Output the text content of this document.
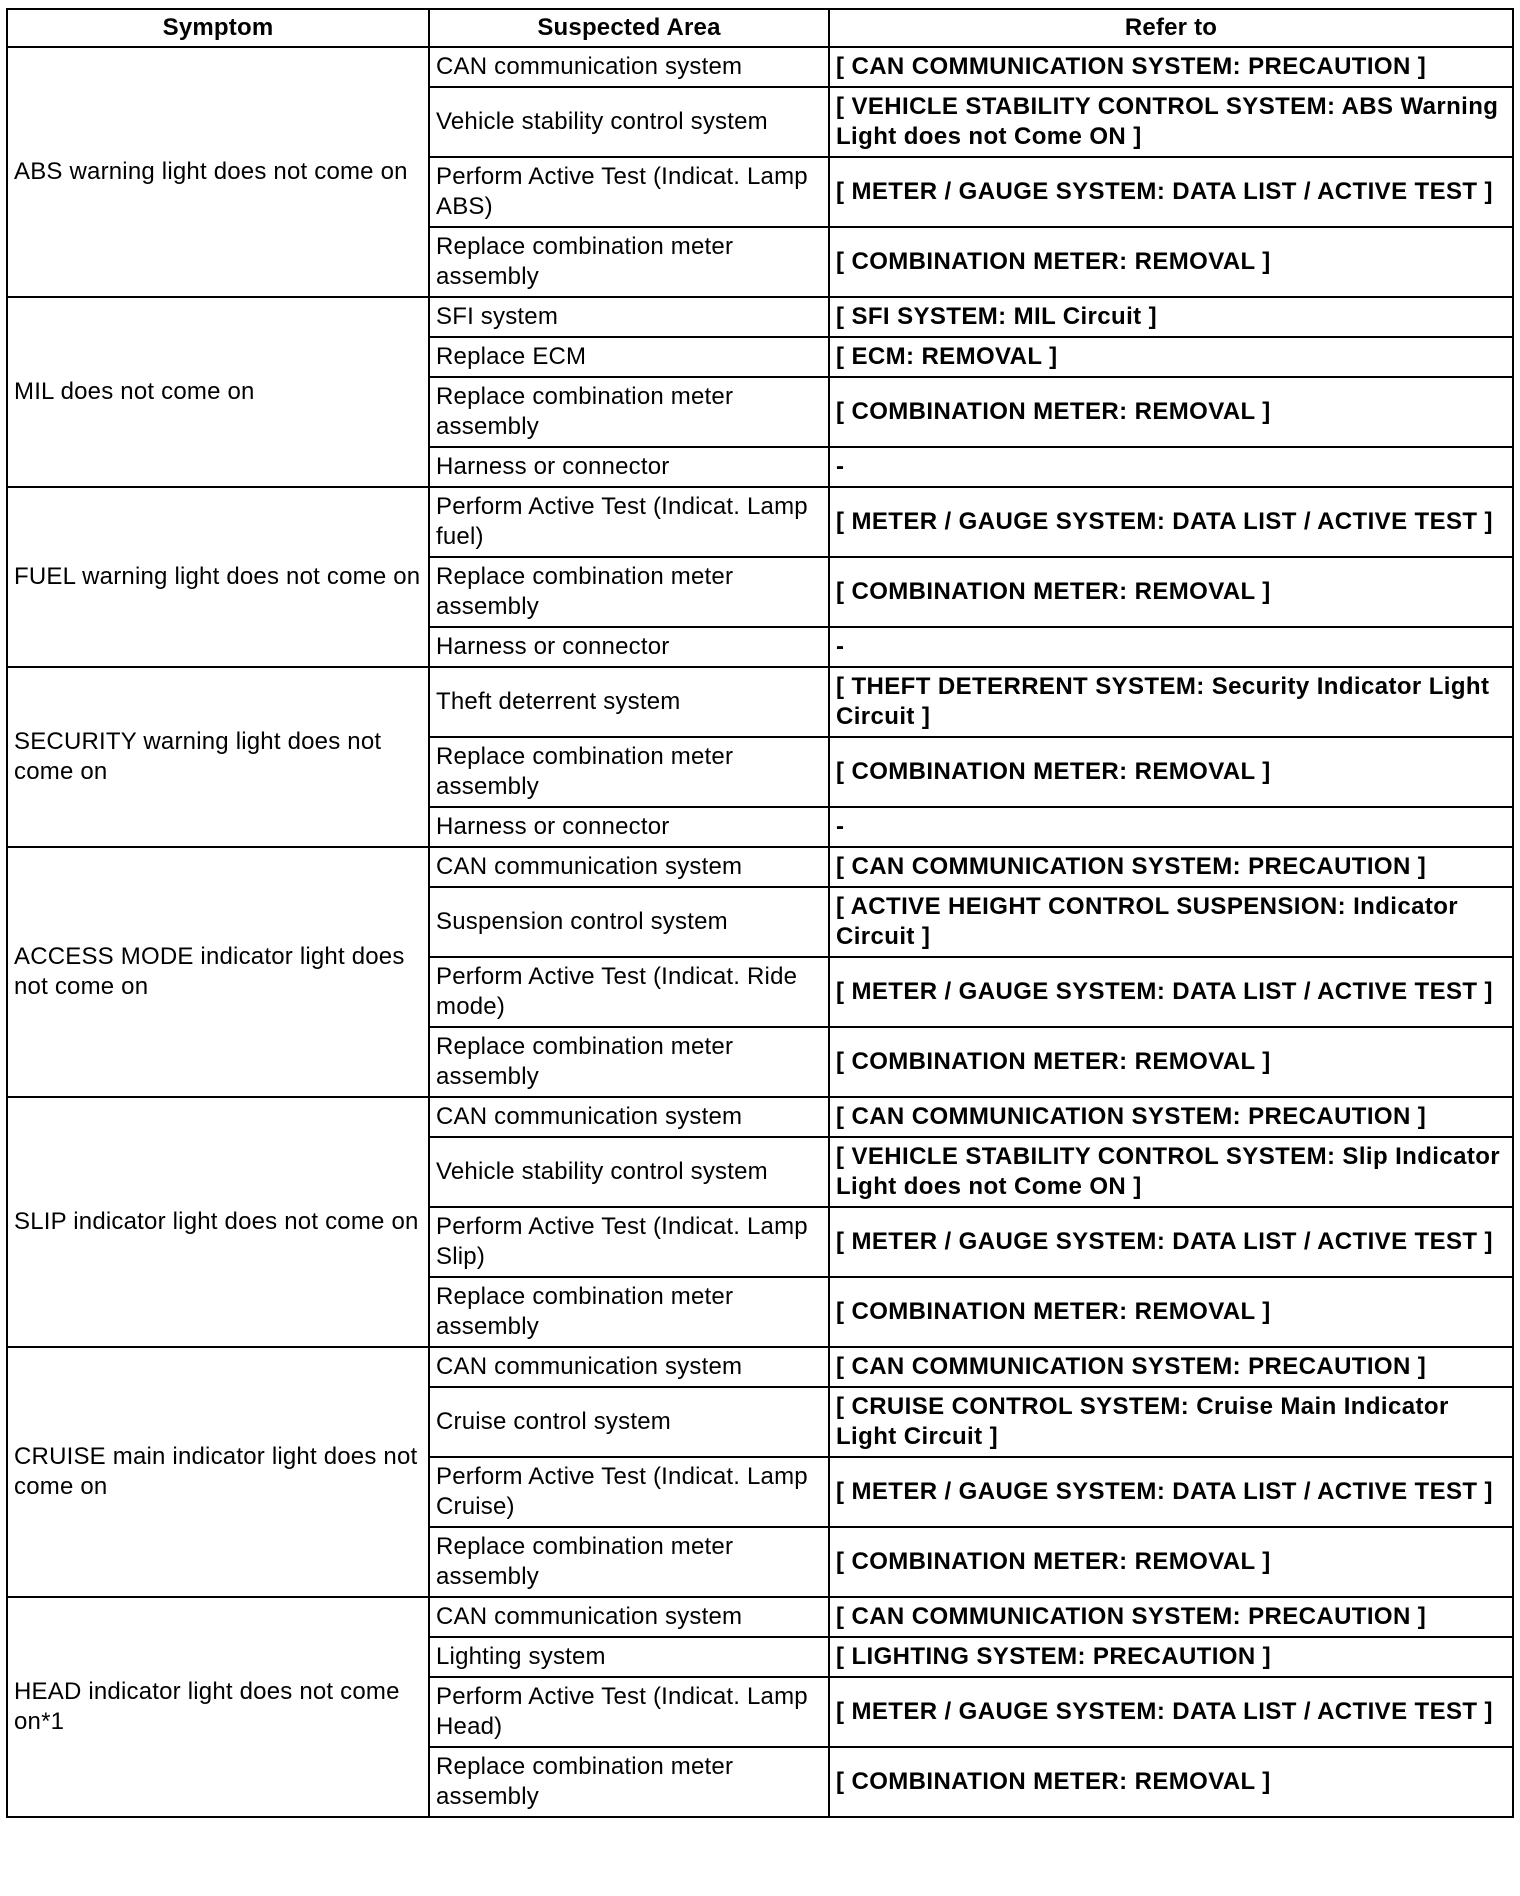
Symptom	Suspected Area	Refer to
ABS warning light does not come on	CAN communication system	[ CAN COMMUNICATION SYSTEM: PRECAUTION ]
	Vehicle stability control system	[ VEHICLE STABILITY CONTROL SYSTEM: ABS Warning Light does not Come ON ]
	Perform Active Test (Indicat. Lamp ABS)	[ METER / GAUGE SYSTEM: DATA LIST / ACTIVE TEST ]
	Replace combination meter assembly	[ COMBINATION METER: REMOVAL ]
MIL does not come on	SFI system	[ SFI SYSTEM: MIL Circuit ]
	Replace ECM	[ ECM: REMOVAL ]
	Replace combination meter assembly	[ COMBINATION METER: REMOVAL ]
	Harness or connector	-
FUEL warning light does not come on	Perform Active Test (Indicat. Lamp fuel)	[ METER / GAUGE SYSTEM: DATA LIST / ACTIVE TEST ]
	Replace combination meter assembly	[ COMBINATION METER: REMOVAL ]
	Harness or connector	-
SECURITY warning light does not come on	Theft deterrent system	[ THEFT DETERRENT SYSTEM: Security Indicator Light Circuit ]
	Replace combination meter assembly	[ COMBINATION METER: REMOVAL ]
	Harness or connector	-
ACCESS MODE indicator light does not come on	CAN communication system	[ CAN COMMUNICATION SYSTEM: PRECAUTION ]
	Suspension control system	[ ACTIVE HEIGHT CONTROL SUSPENSION: Indicator Circuit ]
	Perform Active Test (Indicat. Ride mode)	[ METER / GAUGE SYSTEM: DATA LIST / ACTIVE TEST ]
	Replace combination meter assembly	[ COMBINATION METER: REMOVAL ]
SLIP indicator light does not come on	CAN communication system	[ CAN COMMUNICATION SYSTEM: PRECAUTION ]
	Vehicle stability control system	[ VEHICLE STABILITY CONTROL SYSTEM: Slip Indicator Light does not Come ON ]
	Perform Active Test (Indicat. Lamp Slip)	[ METER / GAUGE SYSTEM: DATA LIST / ACTIVE TEST ]
	Replace combination meter assembly	[ COMBINATION METER: REMOVAL ]
CRUISE main indicator light does not come on	CAN communication system	[ CAN COMMUNICATION SYSTEM: PRECAUTION ]
	Cruise control system	[ CRUISE CONTROL SYSTEM: Cruise Main Indicator Light Circuit ]
	Perform Active Test (Indicat. Lamp Cruise)	[ METER / GAUGE SYSTEM: DATA LIST / ACTIVE TEST ]
	Replace combination meter assembly	[ COMBINATION METER: REMOVAL ]
HEAD indicator light does not come on*1	CAN communication system	[ CAN COMMUNICATION SYSTEM: PRECAUTION ]
	Lighting system	[ LIGHTING SYSTEM: PRECAUTION ]
	Perform Active Test (Indicat. Lamp Head)	[ METER / GAUGE SYSTEM: DATA LIST / ACTIVE TEST ]
	Replace combination meter assembly	[ COMBINATION METER: REMOVAL ]
